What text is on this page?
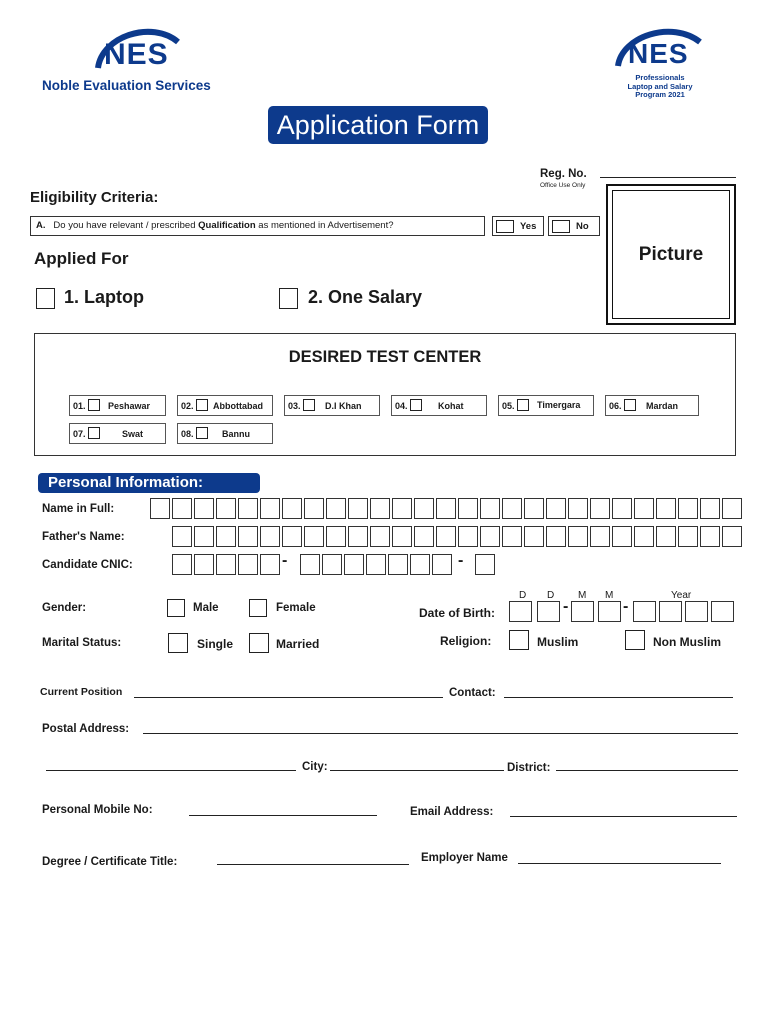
NES
Noble Evaluation Services
NES
Professionals
Laptop and Salary
Program 2021
Application Form
Reg. No.
Office Use Only
Picture
Eligibility Criteria:
A. Do you have relevant / prescribed Qualification as mentioned in Advertisement?	Yes	No
Applied For
1. Laptop	2. One Salary
DESIRED TEST CENTER
01. Peshawar	02. Abbottabad	03.	D.I Khan	04.	Kohat	05. Timergara	06.	Mardan
07.	Swat	08.	Bannu
Personal Information:
Name in Full:
Father's Name:
Candidate CNIC:	-	-
Gender:	Male	Female
Marital Status:	Single	Married
D D M M	Year
Date of Birth:	-	-
Religion:	Muslim	Non Muslim
Current Position	Contact:
Postal Address:
City:	District:
Personal Mobile No:	Email Address:
Degree / Certificate Title:	Employer Name
